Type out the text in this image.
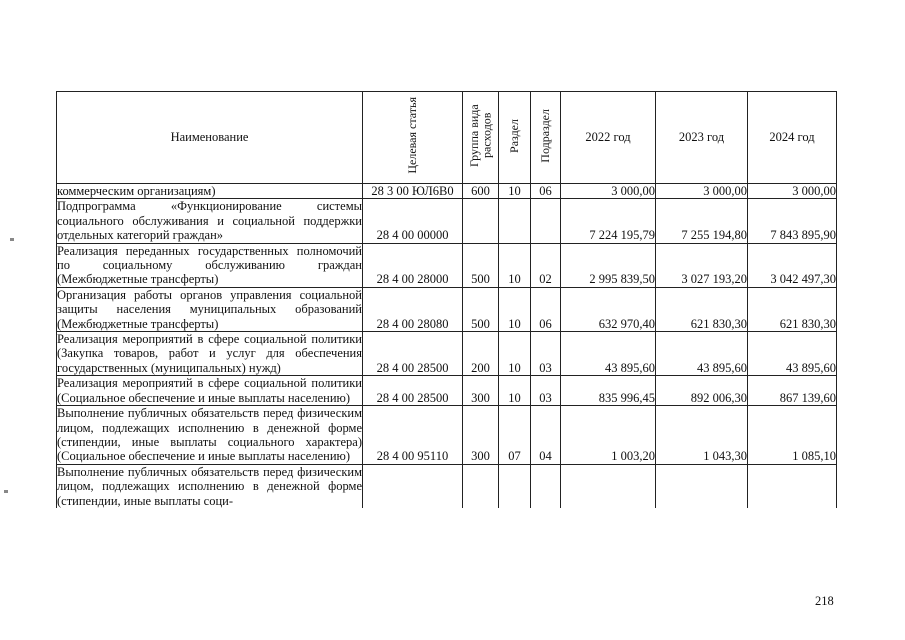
Наименование	Целевая статья	Группа вида расходов	Раздел	Подраздел	2022 год	2023 год	2024 год
коммерческим организациям)	28 3 00 ЮЛ6В0	600	10	06	3 000,00	3 000,00	3 000,00
Подпрограмма «Функционирование системы социального обслуживания и социальной поддержки отдельных категорий граждан»	28 4 00 00000				7 224 195,79	7 255 194,80	7 843 895,90
Реализация переданных государственных полномочий по социальному обслуживанию граждан (Межбюджетные трансферты)	28 4 00 28000	500	10	02	2 995 839,50	3 027 193,20	3 042 497,30
Организация работы органов управления социальной защиты населения муниципальных образований (Межбюджетные трансферты)	28 4 00 28080	500	10	06	632 970,40	621 830,30	621 830,30
Реализация мероприятий в сфере социальной политики (Закупка товаров, работ и услуг для обеспечения государственных (муниципальных) нужд)	28 4 00 28500	200	10	03	43 895,60	43 895,60	43 895,60
Реализация мероприятий в сфере социальной политики (Социальное обеспечение и иные выплаты населению)	28 4 00 28500	300	10	03	835 996,45	892 006,30	867 139,60
Выполнение публичных обязательств перед физическим лицом, подлежащих исполнению в денежной форме (стипендии, иные выплаты социального характера) (Социальное обеспечение и иные выплаты населению)	28 4 00 95110	300	07	04	1 003,20	1 043,30	1 085,10
Выполнение публичных обязательств перед физическим лицом, подлежащих исполнению в денежной форме (стипендии, иные выплаты соци-							
218
